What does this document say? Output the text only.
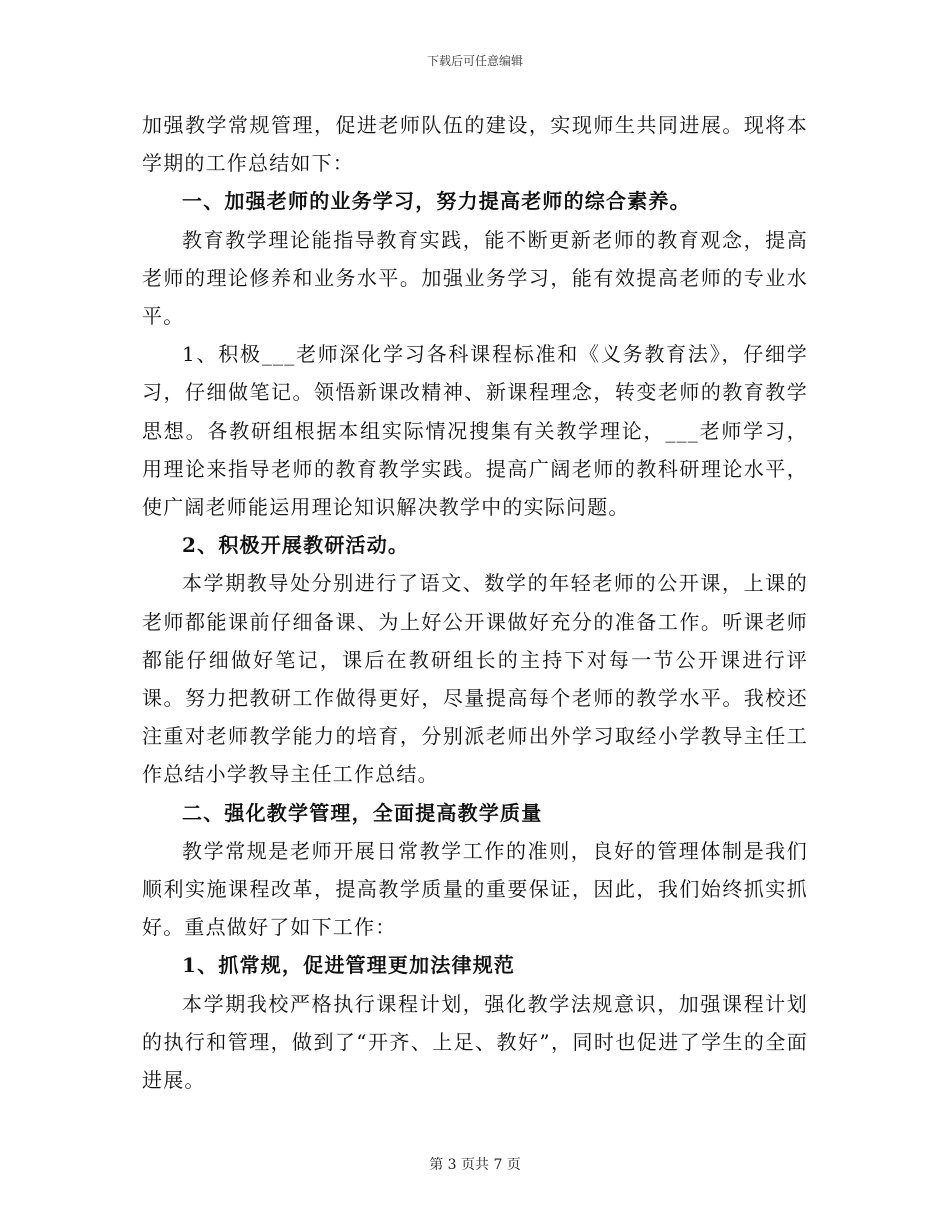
下载后可任意编辑

加强教学常规管理，促进老师队伍的建设，实现师生共同进展。现将本学期的工作总结如下：

一、加强老师的业务学习，努力提高老师的综合素养。

教育教学理论能指导教育实践，能不断更新老师的教育观念，提高老师的理论修养和业务水平。加强业务学习，能有效提高老师的专业水平。

1、积极___老师深化学习各科课程标准和《义务教育法》，仔细学习，仔细做笔记。领悟新课改精神、新课程理念，转变老师的教育教学思想。各教研组根据本组实际情况搜集有关教学理论，___老师学习，用理论来指导老师的教育教学实践。提高广阔老师的教科研理论水平，使广阔老师能运用理论知识解决教学中的实际问题。

2、积极开展教研活动。

本学期教导处分别进行了语文、数学的年轻老师的公开课，上课的老师都能课前仔细备课、为上好公开课做好充分的准备工作。听课老师都能仔细做好笔记，课后在教研组长的主持下对每一节公开课进行评课。努力把教研工作做得更好，尽量提高每个老师的教学水平。我校还注重对老师教学能力的培育，分别派老师出外学习取经小学教导主任工作总结小学教导主任工作总结。

二、强化教学管理，全面提高教学质量

教学常规是老师开展日常教学工作的准则，良好的管理体制是我们顺利实施课程改革，提高教学质量的重要保证，因此，我们始终抓实抓好。重点做好了如下工作：

1、抓常规，促进管理更加法律规范

本学期我校严格执行课程计划，强化教学法规意识，加强课程计划的执行和管理，做到了“开齐、上足、教好”，同时也促进了学生的全面进展。

第 3 页共 7 页
